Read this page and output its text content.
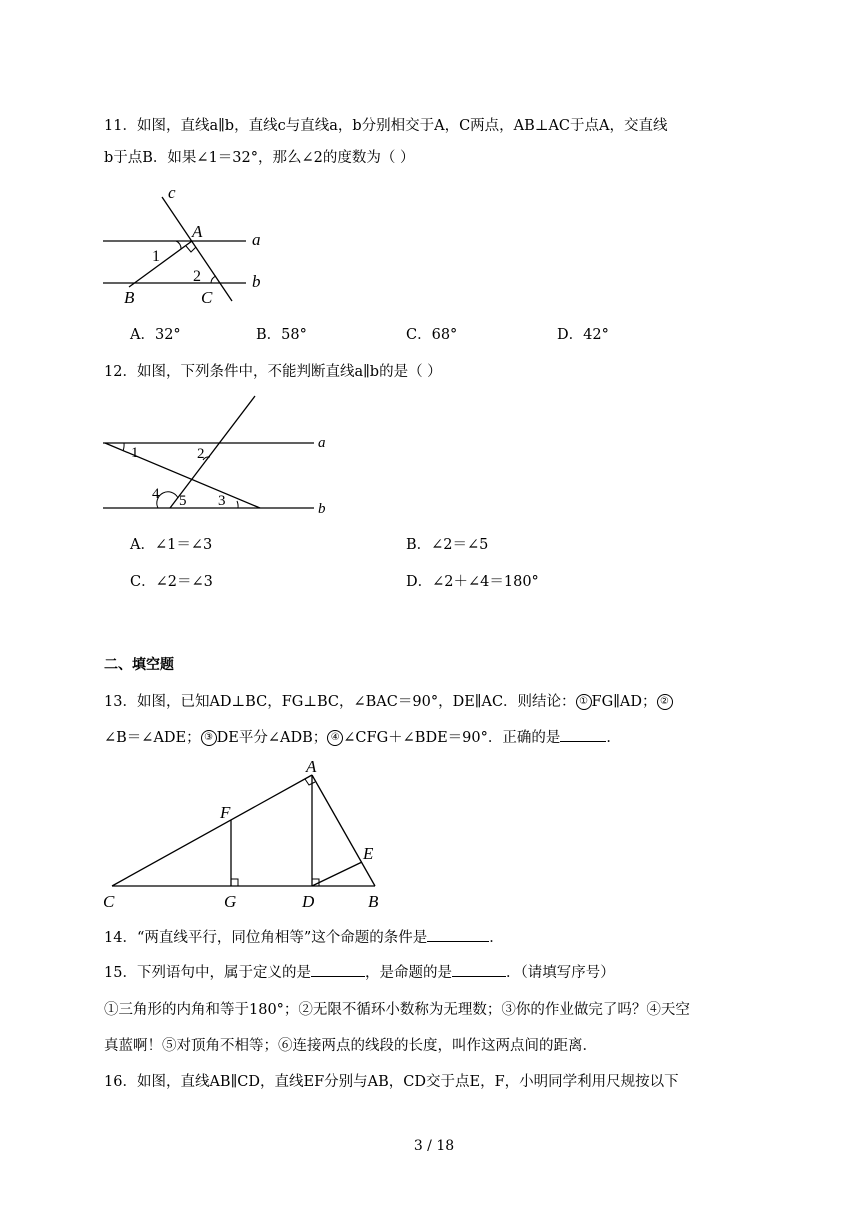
11．如图，直线a∥b，直线c与直线a，b分别相交于A，C两点，AB⊥AC于点A，交直线
b于点B．如果∠1＝32°，那么∠2的度数为（ ）
c
A	a
1
2	b
B	C
A．32°	B．58°	C．68°	D．42°
12．如图，下列条件中，不能判断直线a∥b的是（ ）
1	2
a
4 5 3	b
A．∠1＝∠3	B．∠2＝∠5
C．∠2＝∠3	D．∠2＋∠4＝180°
二、填空题
13．如图，已知AD⊥BC，FG⊥BC，∠BAC＝90°，DE∥AC．则结论： ① FG∥AD； ②
∠B＝∠ADE； ③ DE平分∠ADB； ④ ∠CFG＋∠BDE＝90°．正确的是	．
A
F
E
C	G	D	B
14．“两直线平行，同位角相等”这个命题的条件是	．
15．下列语句中，属于定义的是	，是命题的是	．（请填写序号）
①三角形的内角和等于180°；②无限不循环小数称为无理数；③你的作业做完了吗？④天空
真蓝啊！⑤对顶角不相等；⑥连接两点的线段的长度，叫作这两点间的距离．
16．如图，直线AB∥CD，直线EF分别与AB，CD交于点E，F，小明同学利用尺规按以下
3 / 18
